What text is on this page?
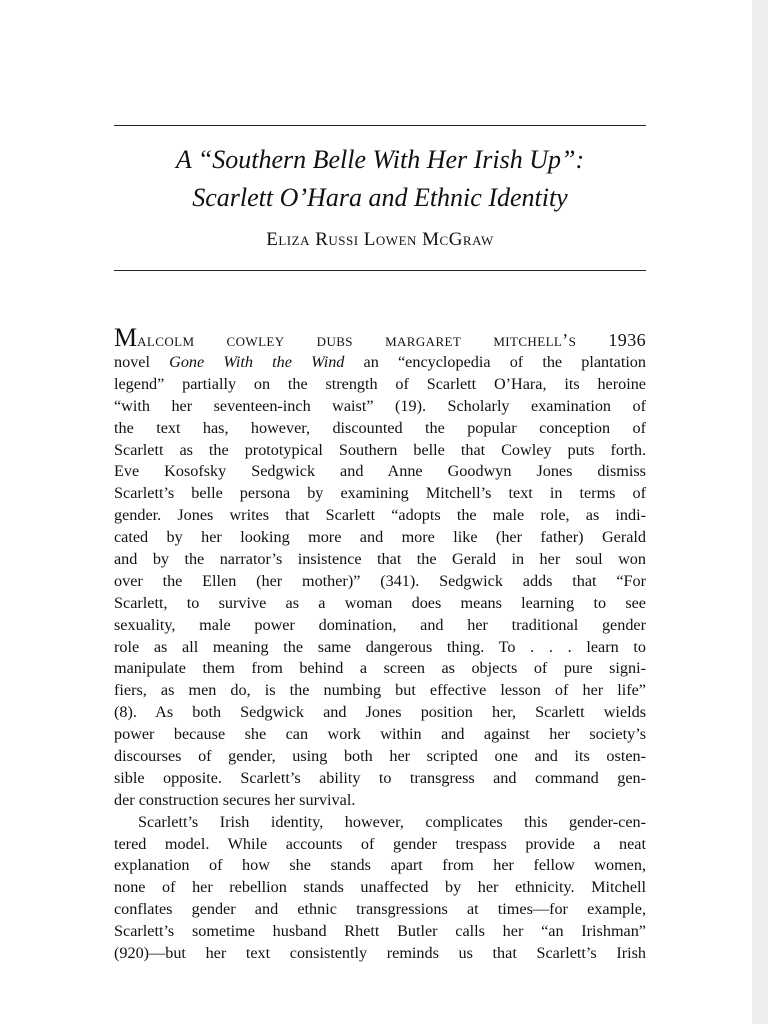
A “Southern Belle With Her Irish Up”:
Scarlett O’Hara and Ethnic Identity

Eliza Russi Lowen McGraw

Malcolm cowley dubs margaret mitchell’s 1936
novel Gone With the Wind an “encyclopedia of the plantation
legend” partially on the strength of Scarlett O’Hara, its heroine
“with her seventeen-inch waist” (19). Scholarly examination of
the text has, however, discounted the popular conception of
Scarlett as the prototypical Southern belle that Cowley puts forth.
Eve Kosofsky Sedgwick and Anne Goodwyn Jones dismiss
Scarlett’s belle persona by examining Mitchell’s text in terms of
gender. Jones writes that Scarlett “adopts the male role, as indi-
cated by her looking more and more like (her father) Gerald
and by the narrator’s insistence that the Gerald in her soul won
over the Ellen (her mother)” (341). Sedgwick adds that “For
Scarlett, to survive as a woman does means learning to see
sexuality, male power domination, and her traditional gender
role as all meaning the same dangerous thing. To . . . learn to
manipulate them from behind a screen as objects of pure signi-
fiers, as men do, is the numbing but effective lesson of her life”
(8). As both Sedgwick and Jones position her, Scarlett wields
power because she can work within and against her society’s
discourses of gender, using both her scripted one and its osten-
sible opposite. Scarlett’s ability to transgress and command gen-
der construction secures her survival.
Scarlett’s Irish identity, however, complicates this gender-cen-
tered model. While accounts of gender trespass provide a neat
explanation of how she stands apart from her fellow women,
none of her rebellion stands unaffected by her ethnicity. Mitchell
conflates gender and ethnic transgressions at times—for example,
Scarlett’s sometime husband Rhett Butler calls her “an Irishman”
(920)—but her text consistently reminds us that Scarlett’s Irish
